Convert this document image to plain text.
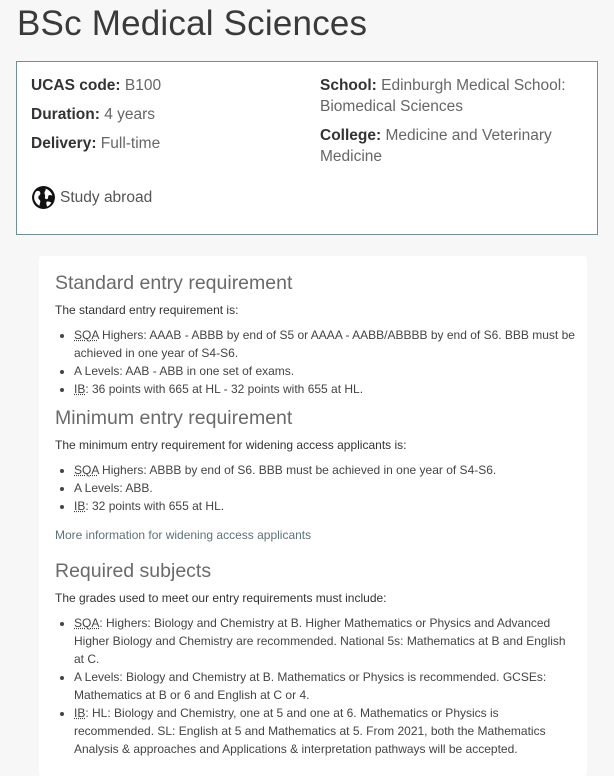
BSc Medical Sciences
UCAS code: B100
Duration: 4 years
Delivery: Full-time
School: Edinburgh Medical School: Biomedical Sciences
College: Medicine and Veterinary Medicine
Study abroad
Standard entry requirement

The standard entry requirement is:

• SQA Highers: AAAB - ABBB by end of S5 or AAAA - AABB/ABBBB by end of S6. BBB must be achieved in one year of S4-S6.
• A Levels: AAB - ABB in one set of exams.
• IB: 36 points with 665 at HL - 32 points with 655 at HL.
Minimum entry requirement

The minimum entry requirement for widening access applicants is:

• SQA Highers: ABBB by end of S6. BBB must be achieved in one year of S4-S6.
• A Levels: ABB.
• IB: 32 points with 655 at HL.
More information for widening access applicants
Required subjects

The grades used to meet our entry requirements must include:

• SQA: Highers: Biology and Chemistry at B. Higher Mathematics or Physics and Advanced Higher Biology and Chemistry are recommended. National 5s: Mathematics at B and English at C.
• A Levels: Biology and Chemistry at B. Mathematics or Physics is recommended. GCSEs: Mathematics at B or 6 and English at C or 4.
• IB: HL: Biology and Chemistry, one at 5 and one at 6. Mathematics or Physics is recommended. SL: English at 5 and Mathematics at 5. From 2021, both the Mathematics Analysis & approaches and Applications & interpretation pathways will be accepted.
